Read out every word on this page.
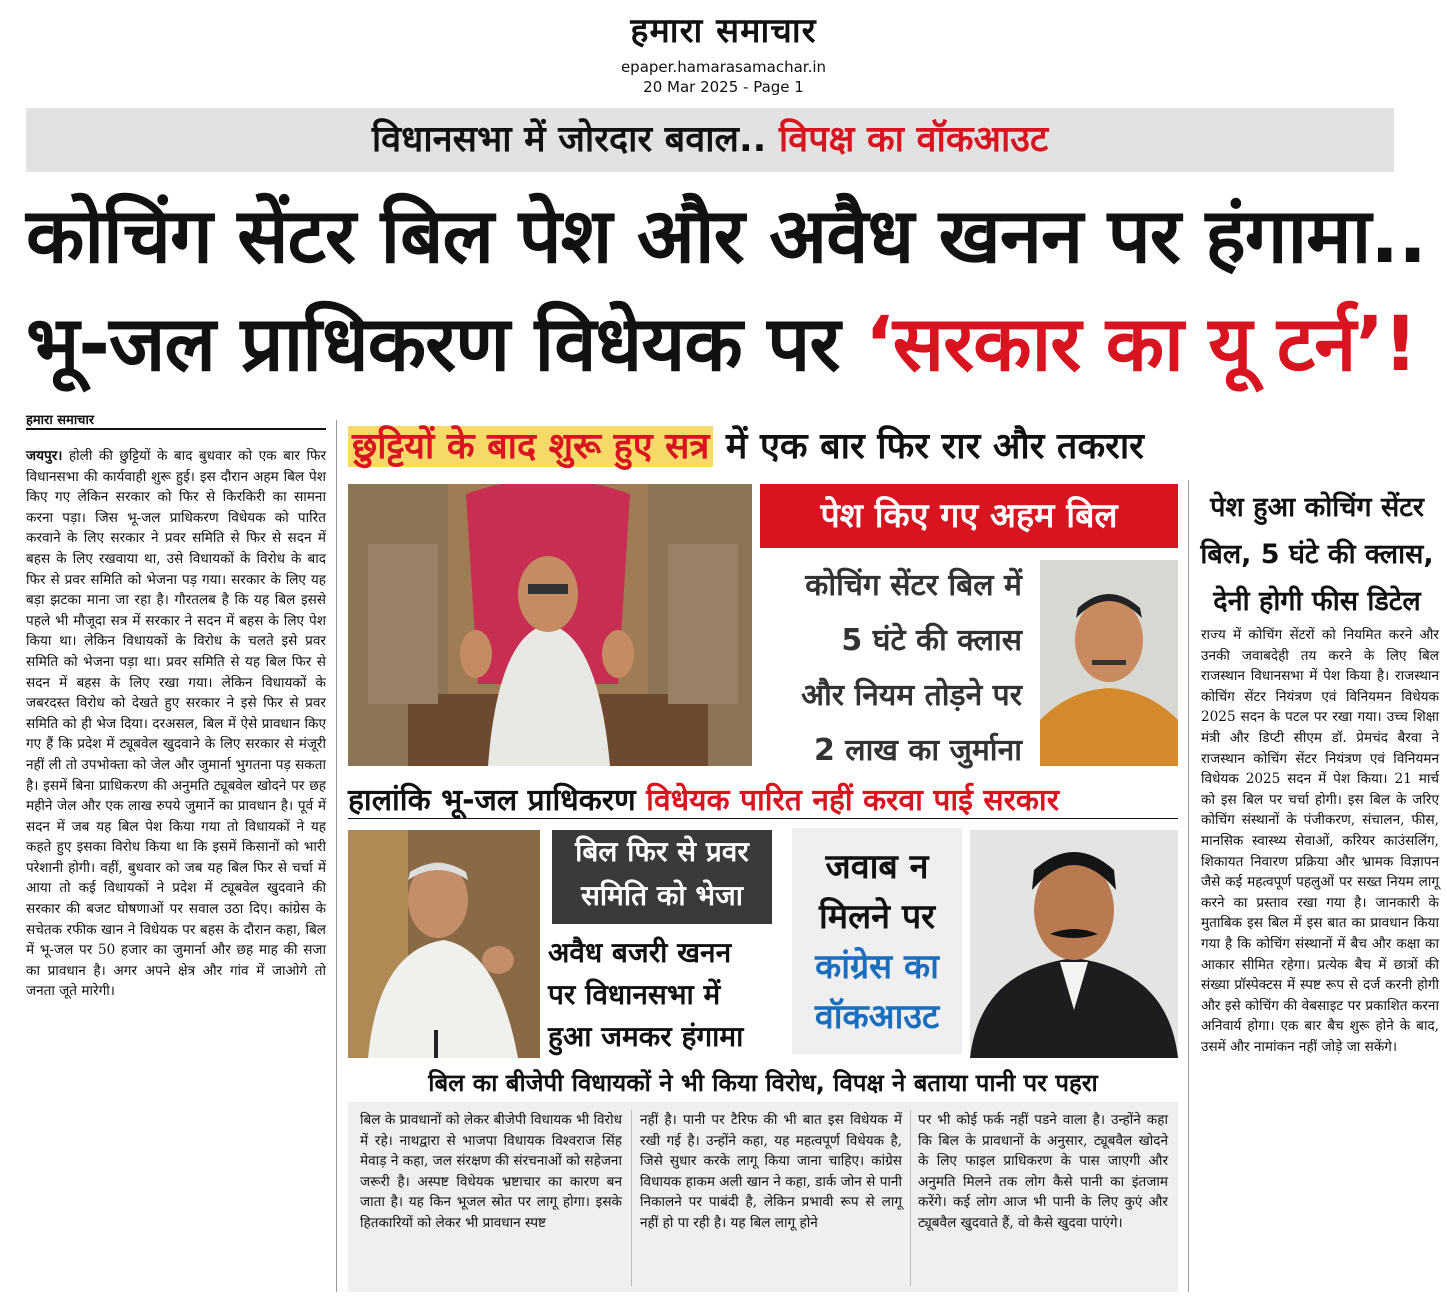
हमारा समाचार
epaper.hamarasamachar.in
20 Mar 2025 - Page 1
विधानसभा में जोरदार बवाल.. विपक्ष का वॉकआउट
कोचिंग सेंटर बिल पेश और अवैध खनन पर हंगामा..
भू-जल प्राधिकरण विधेयक पर ‘सरकार का यू टर्न’!
हमारा समाचार
जयपुर। होली की छुट्टियों के बाद बुधवार को एक बार फिर विधानसभा की कार्यवाही शुरू हुई। इस दौरान अहम बिल पेश किए गए लेकिन सरकार को फिर से किरकिरी का सामना करना पड़ा। जिस भू-जल प्राधिकरण विधेयक को पारित करवाने के लिए सरकार ने प्रवर समिति से फिर से सदन में बहस के लिए रखवाया था, उसे विधायकों के विरोध के बाद फिर से प्रवर समिति को भेजना पड़ गया। सरकार के लिए यह बड़ा झटका माना जा रहा है। गौरतलब है कि यह बिल इससे पहले भी मौजूदा सत्र में सरकार ने सदन में बहस के लिए पेश किया था। लेकिन विधायकों के विरोध के चलते इसे प्रवर समिति को भेजना पड़ा था। प्रवर समिति से यह बिल फिर से सदन में बहस के लिए रखा गया। लेकिन विधायकों के जबरदस्त विरोध को देखते हुए सरकार ने इसे फिर से प्रवर समिति को ही भेज दिया। दरअसल, बिल में ऐसे प्रावधान किए गए हैं कि प्रदेश में ट्यूबवेल खुदवाने के लिए सरकार से मंजूरी नहीं ली तो उपभोक्ता को जेल और जुमार्ना भुगतना पड़ सकता है। इसमें बिना प्राधिकरण की अनुमति ट्यूबवेल खोदने पर छह महीने जेल और एक लाख रुपये जुमार्ने का प्रावधान है। पूर्व में सदन में जब यह बिल पेश किया गया तो विधायकों ने यह कहते हुए इसका विरोध किया था कि इसमें किसानों को भारी परेशानी होगी। वहीं, बुधवार को जब यह बिल फिर से चर्चा में आया तो कई विधायकों ने प्रदेश में ट्यूबवेल खुदवाने की सरकार की बजट घोषणाओं पर सवाल उठा दिए। कांग्रेस के सचेतक रफीक खान ने विधेयक पर बहस के दौरान कहा, बिल में भू-जल पर 50 हजार का जुमार्ना और छह माह की सजा का प्रावधान है। अगर अपने क्षेत्र और गांव में जाओगे तो जनता जूते मारेगी।
छुट्टियों के बाद शुरू हुए सत्र में एक बार फिर रार और तकरार
पेश किए गए अहम बिल
कोचिंग सेंटर बिल में
5 घंटे की क्लास
और नियम तोड़ने पर
2 लाख का जुर्माना
पेश हुआ कोचिंग सेंटर
बिल, 5 घंटे की क्लास,
देनी होगी फीस डिटेल
राज्य में कोचिंग सेंटरों को नियमित करने और उनकी जवाबदेही तय करने के लिए बिल राजस्थान विधानसभा में पेश किया है। राजस्थान कोचिंग सेंटर नियंत्रण एवं विनियमन विधेयक 2025 सदन के पटल पर रखा गया। उच्च शिक्षा मंत्री और डिप्टी सीएम डॉ. प्रेमचंद बैरवा ने राजस्थान कोचिंग सेंटर नियंत्रण एवं विनियमन विधेयक 2025 सदन में पेश किया। 21 मार्च को इस बिल पर चर्चा होगी। इस बिल के जरिए कोचिंग संस्थानों के पंजीकरण, संचालन, फीस, मानसिक स्वास्थ्य सेवाओं, करियर काउंसलिंग, शिकायत निवारण प्रक्रिया और भ्रामक विज्ञापन जैसे कई महत्वपूर्ण पहलुओं पर सख्त नियम लागू करने का प्रस्ताव रखा गया है। जानकारी के मुताबिक इस बिल में इस बात का प्रावधान किया गया है कि कोचिंग संस्थानों में बैच और कक्षा का आकार सीमित रहेगा। प्रत्येक बैच में छात्रों की संख्या प्रॉस्पेक्टस में स्पष्ट रूप से दर्ज करनी होगी और इसे कोचिंग की वेबसाइट पर प्रकाशित करना अनिवार्य होगा। एक बार बैच शुरू होने के बाद, उसमें और नामांकन नहीं जोड़े जा सकेंगे।
हालांकि भू-जल प्राधिकरण विधेयक पारित नहीं करवा पाई सरकार
बिल फिर से प्रवर
समिति को भेजा
अवैध बजरी खनन
पर विधानसभा में
हुआ जमकर हंगामा
जवाब न
मिलने पर
कांग्रेस का
वॉकआउट
बिल का बीजेपी विधायकों ने भी किया विरोध, विपक्ष ने बताया पानी पर पहरा
बिल के प्रावधानों को लेकर बीजेपी विधायक भी विरोध में रहे। नाथद्वारा से भाजपा विधायक विश्वराज सिंह मेवाड़ ने कहा, जल संरक्षण की संरचनाओं को सहेजना जरूरी है। अस्पष्ट विधेयक भ्रष्टाचार का कारण बन जाता है। यह किन भूजल स्रोत पर लागू होगा। इसके हितकारियों को लेकर भी प्रावधान स्पष्ट
नहीं है। पानी पर टैरिफ की भी बात इस विधेयक में रखी गई है। उन्होंने कहा, यह महत्वपूर्ण विधेयक है, जिसे सुधार करके लागू किया जाना चाहिए। कांग्रेस विधायक हाकम अली खान ने कहा, डार्क जोन से पानी निकालने पर पाबंदी है, लेकिन प्रभावी रूप से लागू नहीं हो पा रही है। यह बिल लागू होने
पर भी कोई फर्क नहीं पडने वाला है। उन्होंने कहा कि बिल के प्रावधानों के अनुसार, ट्यूबवैल खोदने के लिए फाइल प्राधिकरण के पास जाएगी और अनुमति मिलने तक लोग कैसे पानी का इंतजाम करेंगे। कई लोग आज भी पानी के लिए कुएं और ट्यूबवैल खुदवाते हैं, वो कैसे खुदवा पाएंगे।
